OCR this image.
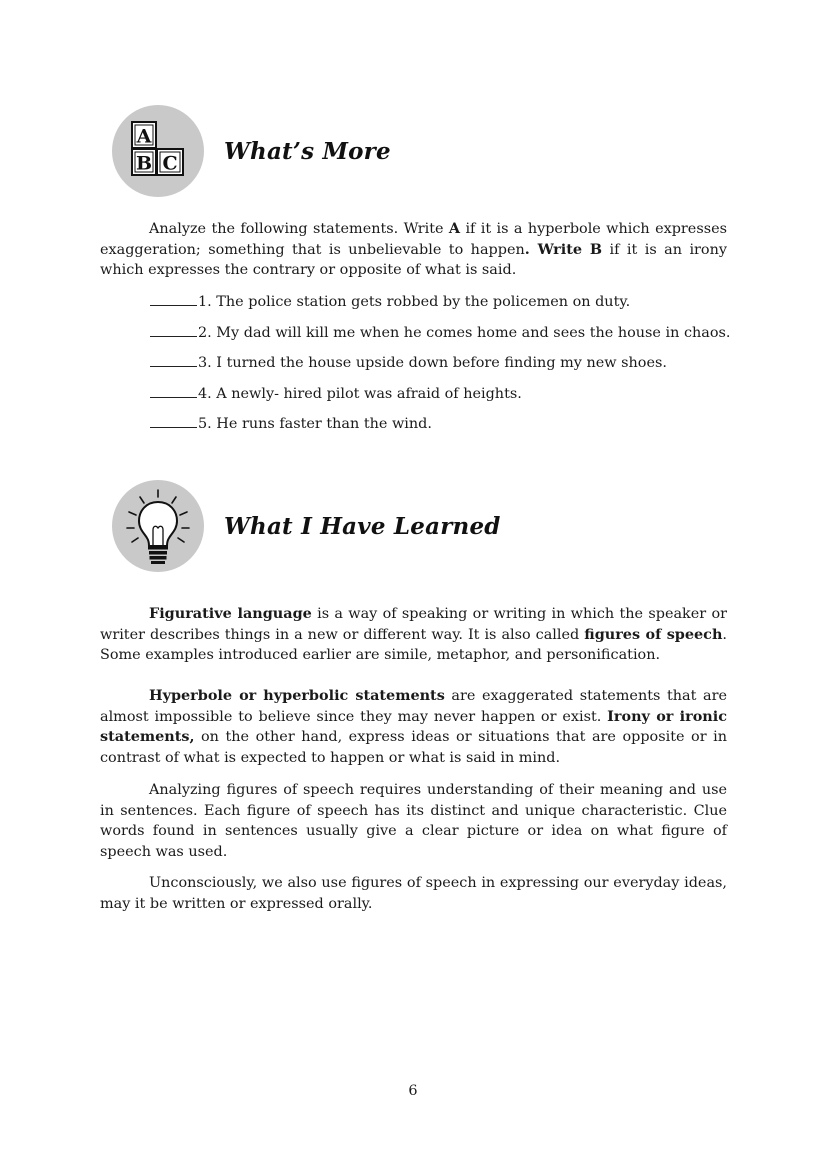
A
B C What’s More

Analyze the following statements. Write A if it is a hyperbole which expresses exaggeration; something that is unbelievable to happen. Write B if it is an irony which expresses the contrary or opposite of what is said.

1. The police station gets robbed by the policemen on duty.
2. My dad will kill me when he comes home and sees the house in chaos.
3. I turned the house upside down before finding my new shoes.
4. A newly- hired pilot was afraid of heights.
5. He runs faster than the wind.
What I Have Learned

Figurative language is a way of speaking or writing in which the speaker or writer describes things in a new or different way. It is also called figures of speech. Some examples introduced earlier are simile, metaphor, and personification.

Hyperbole or hyperbolic statements are exaggerated statements that are almost impossible to believe since they may never happen or exist. Irony or ironic statements, on the other hand, express ideas or situations that are opposite or in contrast of what is expected to happen or what is said in mind.

Analyzing figures of speech requires understanding of their meaning and use in sentences. Each figure of speech has its distinct and unique characteristic. Clue words found in sentences usually give a clear picture or idea on what figure of speech was used.

Unconsciously, we also use figures of speech in expressing our everyday ideas, may it be written or expressed orally.

6
